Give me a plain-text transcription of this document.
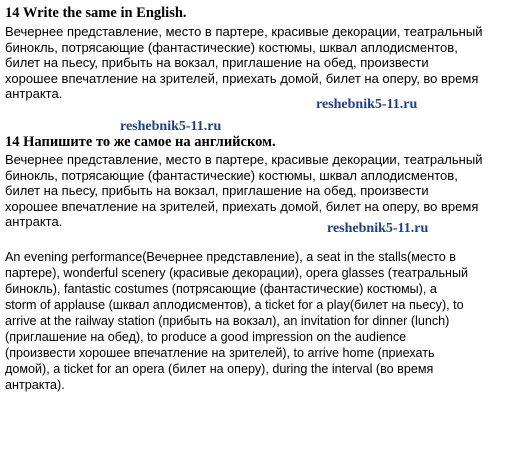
14 Write the same in English.
Вечернее представление, место в партере, красивые декорации, театральный
бинокль, потрясающие (фантастические) костюмы, шквал аплодисментов,
билет на пьесу, прибыть на вокзал, приглашение на обед, произвести
хорошее впечатление на зрителей, приехать домой, билет на оперу, во время
антракта.
reshebnik5-11.ru
reshebnik5-11.ru
14 Напишите то же самое на английском.
Вечернее представление, место в партере, красивые декорации, театральный
бинокль, потрясающие (фантастические) костюмы, шквал аплодисментов,
билет на пьесу, прибыть на вокзал, приглашение на обед, произвести
хорошее впечатление на зрителей, приехать домой, билет на оперу, во время
антракта.	reshebnik5-11.ru
An evening performance(Вечернее представление), a seat in the stalls(место в
партере), wonderful scenery (красивые декорации), opera glasses (театральный
бинокль), fantastic costumes (потрясающие (фантастические) костюмы), a
storm of applause (шквал аплодисментов), a ticket for a play(билет на пьесу), to
arrive at the railway station (прибыть на вокзал), an invitation for dinner (lunch)
(приглашение на обед), to produce a good impression on the audience
(произвести хорошее впечатление на зрителей), to arrive home (приехать
домой), a ticket for an opera (билет на оперу), during the interval (во время
антракта).
